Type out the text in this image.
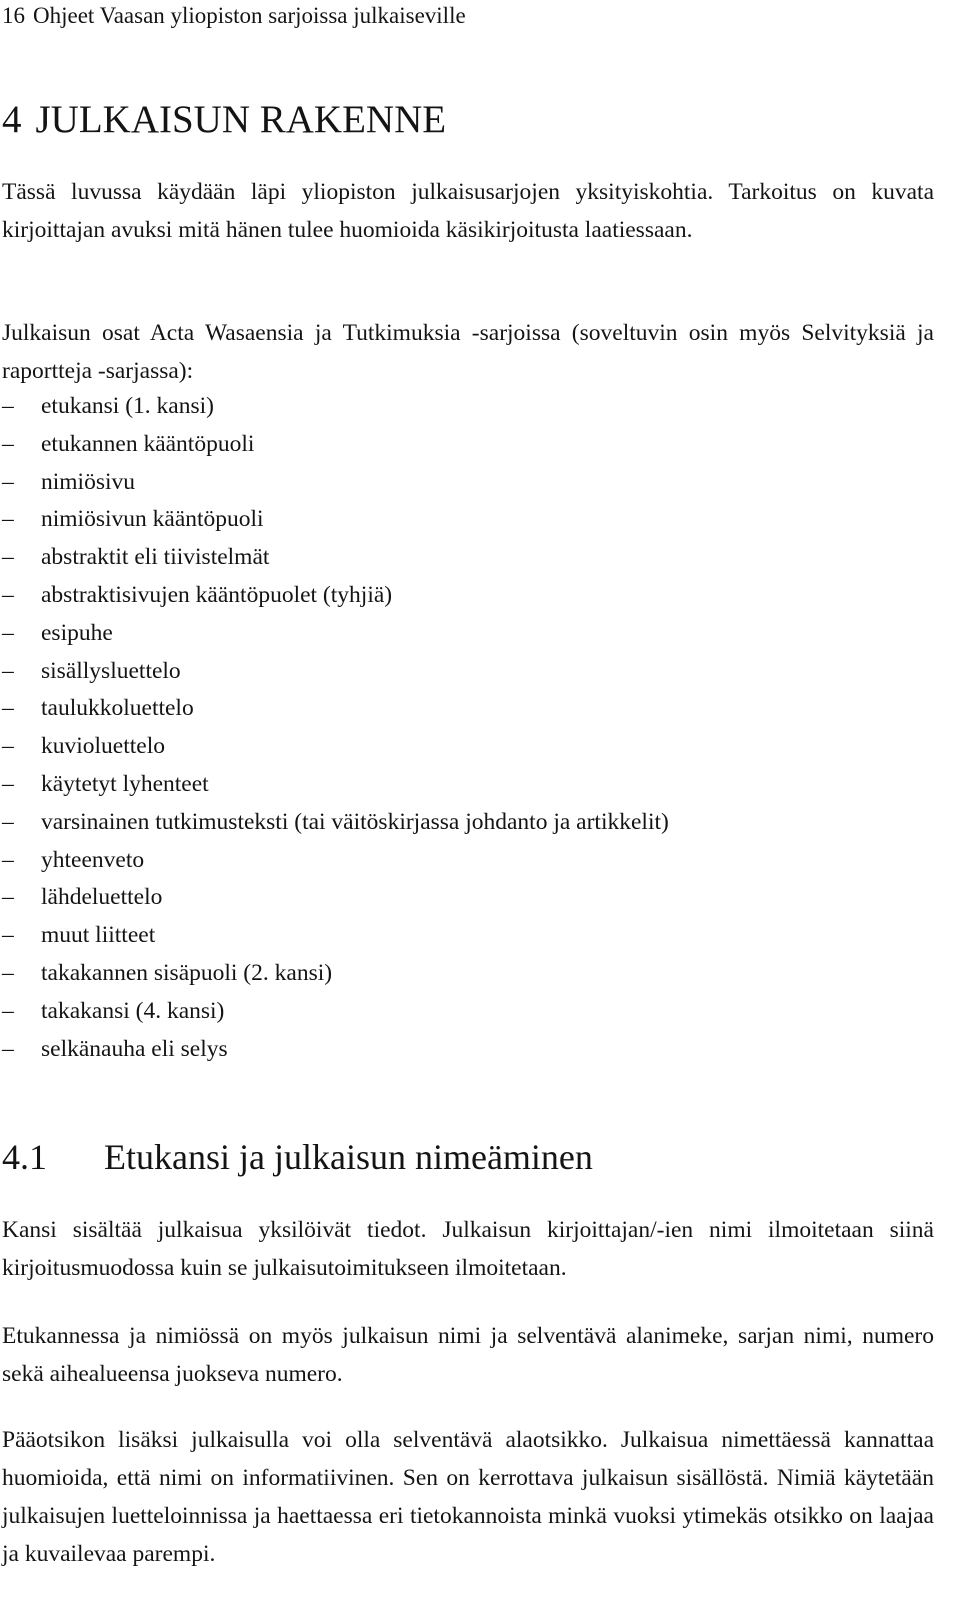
16 Ohjeet Vaasan yliopiston sarjoissa julkaiseville
4 JULKAISUN RAKENNE

Tässä luvussa käydään läpi yliopiston julkaisusarjojen yksityiskohtia. Tarkoitus on kuvata kirjoittajan avuksi mitä hänen tulee huomioida käsikirjoitusta laatiessaan.

Julkaisun osat Acta Wasaensia ja Tutkimuksia -sarjoissa (soveltuvin osin myös Selvityksiä ja raportteja -sarjassa):

–	etukansi (1. kansi)
–	etukannen kääntöpuoli
–	nimiösivu
–	nimiösivun kääntöpuoli
–	abstraktit eli tiivistelmät
–	abstraktisivujen kääntöpuolet (tyhjiä)
–	esipuhe
–	sisällysluettelo
–	taulukkoluettelo
–	kuvioluettelo
–	käytetyt lyhenteet
–	varsinainen tutkimusteksti (tai väitöskirjassa johdanto ja artikkelit)
–	yhteenveto
–	lähdeluettelo
–	muut liitteet
–	takakannen sisäpuoli (2. kansi)
–	takakansi (4. kansi)
–	selkänauha eli selys
4.1 Etukansi ja julkaisun nimeäminen

Kansi sisältää julkaisua yksilöivät tiedot. Julkaisun kirjoittajan/-ien nimi ilmoitetaan siinä kirjoitusmuodossa kuin se julkaisutoimitukseen ilmoitetaan.

Etukannessa ja nimiössä on myös julkaisun nimi ja selventävä alanimeke, sarjan nimi, numero sekä aihealueensa juokseva numero.

Pääotsikon lisäksi julkaisulla voi olla selventävä alaotsikko. Julkaisua nimettäessä kannattaa huomioida, että nimi on informatiivinen. Sen on kerrottava julkaisun sisällöstä. Nimiä käytetään julkaisujen luetteloinnissa ja haettaessa eri tietokannoista minkä vuoksi ytimekäs otsikko on laajaa ja kuvailevaa parempi.
